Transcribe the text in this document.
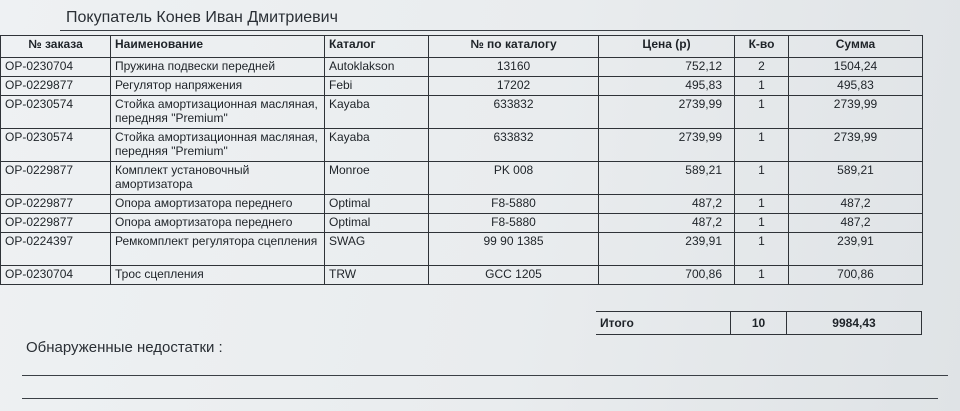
Покупатель Конев Иван Дмитриевич
№ заказа	Наименование	Каталог	№ по каталогу	Цена (р)	К-во	Сумма
OP-0230704	Пружина подвески передней	Autoklakson	13160	752,12	2	1504,24
OP-0229877	Регулятор напряжения	Febi	17202	495,83	1	495,83
OP-0230574	Стойка амортизационная масляная, передняя "Premium"	Kayaba	633832	2739,99	1	2739,99
OP-0230574	Стойка амортизационная масляная, передняя "Premium"	Kayaba	633832	2739,99	1	2739,99
OP-0229877	Комплект установочный амортизатора	Monroe	PK 008	589,21	1	589,21
OP-0229877	Опора амортизатора переднего	Optimal	F8-5880	487,2	1	487,2
OP-0229877	Опора амортизатора переднего	Optimal	F8-5880	487,2	1	487,2
OP-0224397	Ремкомплект регулятора сцепления	SWAG	99 90 1385	239,91	1	239,91
OP-0230704	Трос сцепления	TRW	GCC 1205	700,86	1	700,86
Итого	10	9984,43
Обнаруженные недостатки :
